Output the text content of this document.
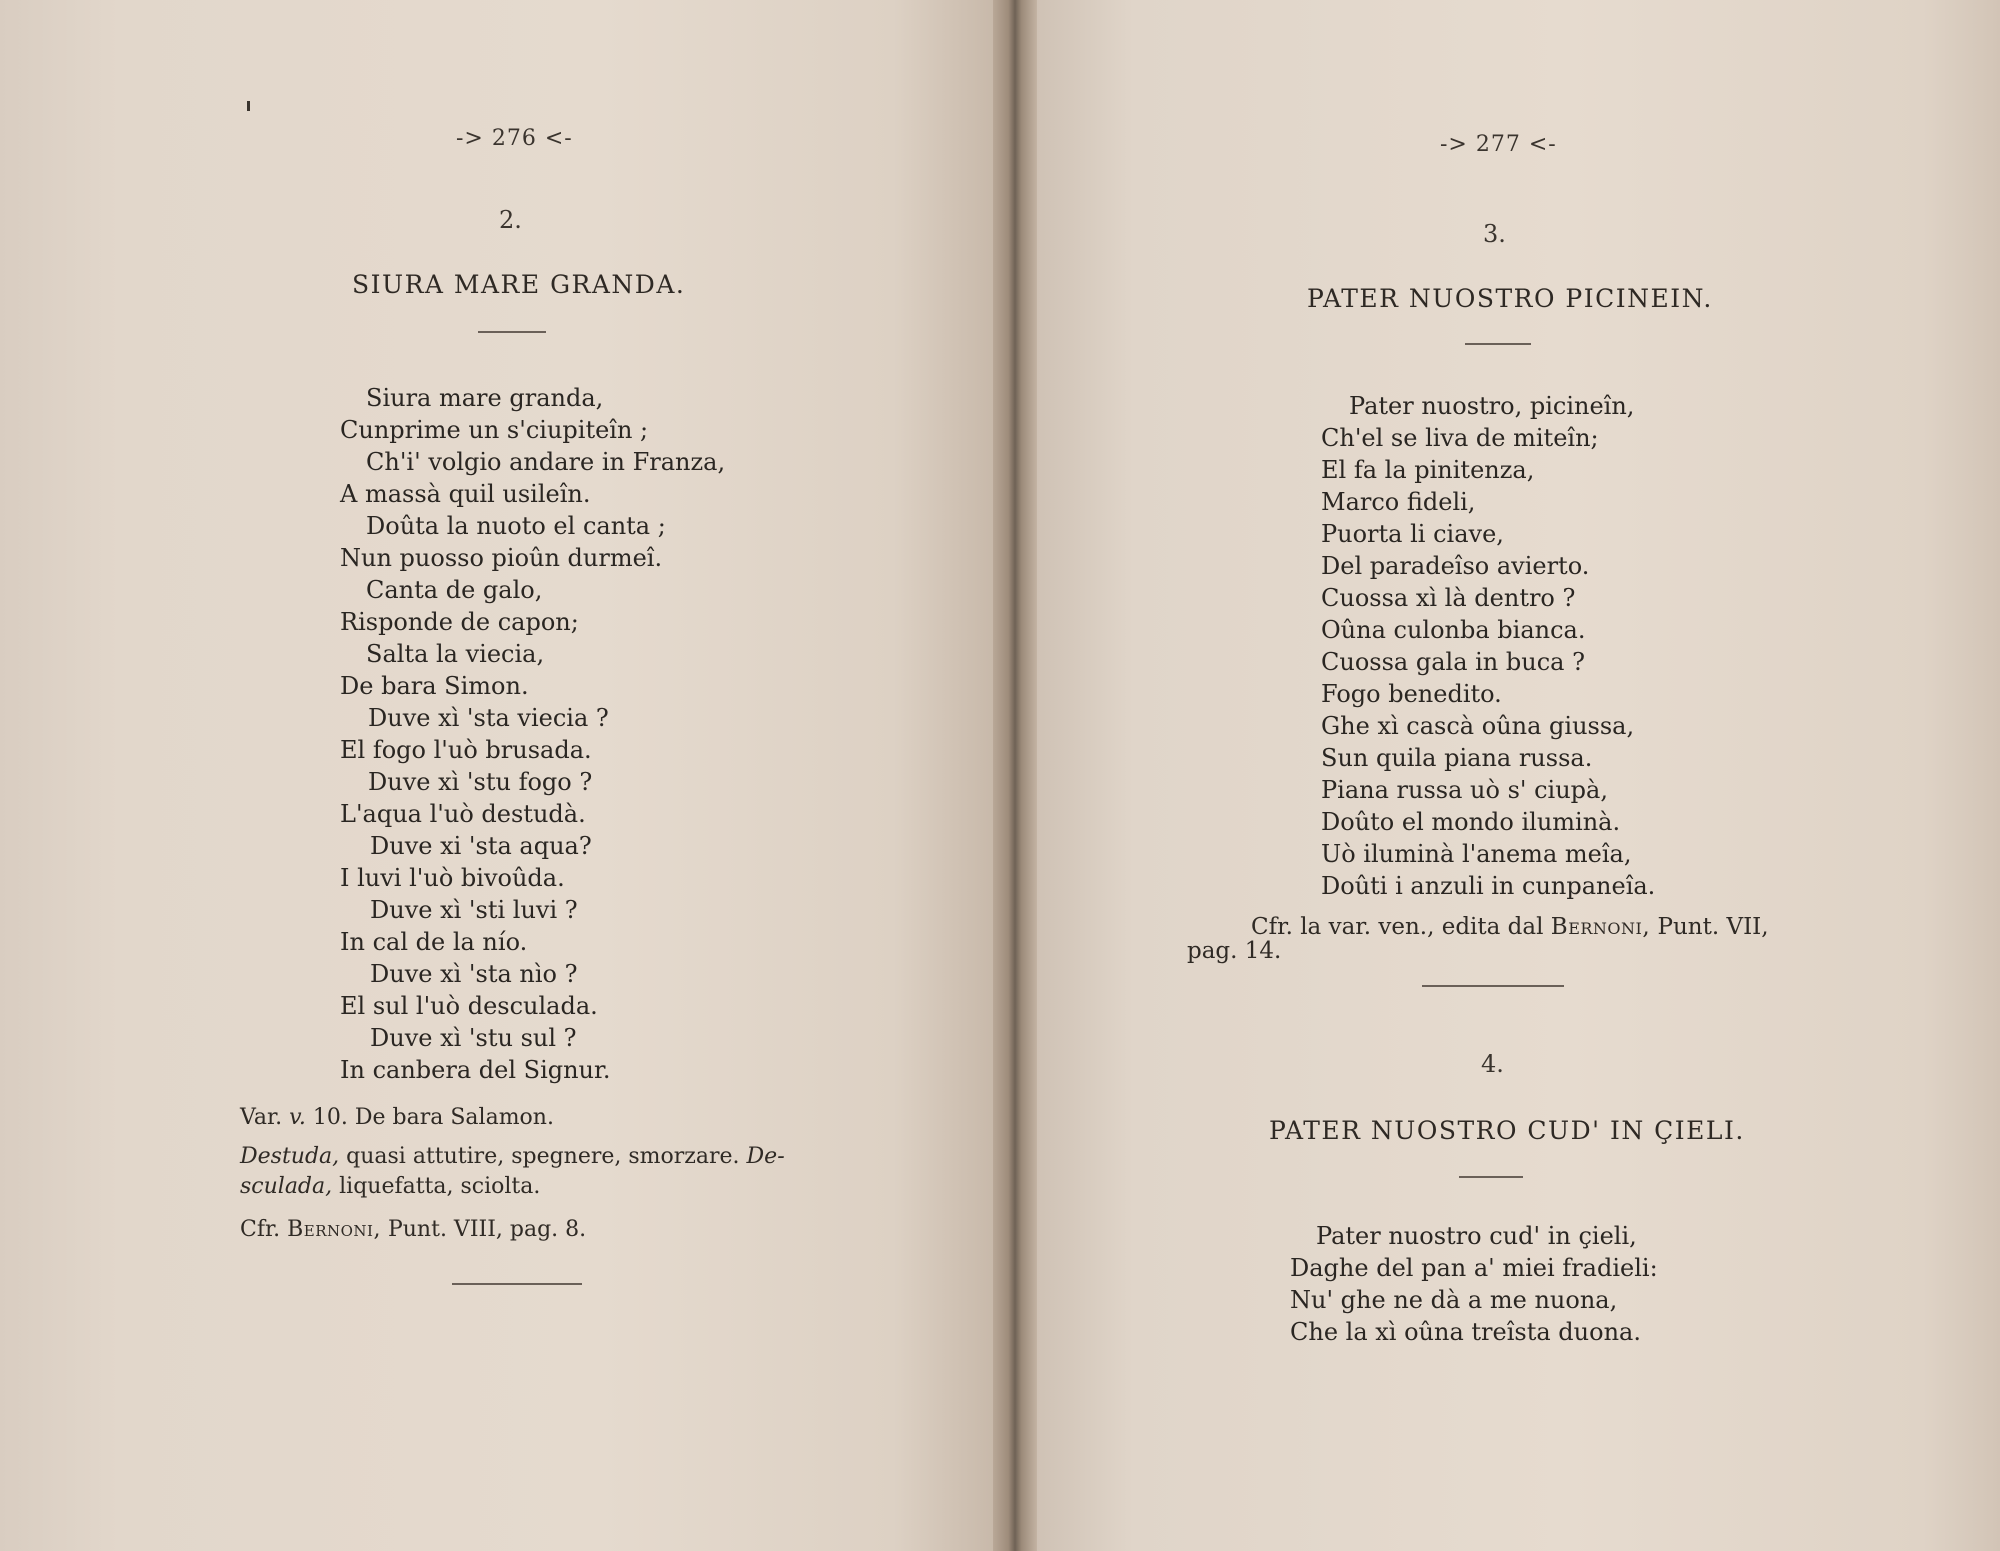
-> 276 <-
2.
SIURA MARE GRANDA.
Siura mare granda,
Cunprime un s'ciupiteîn ;
Ch'i' volgio andare in Franza,
A massà quil usileîn.
Doûta la nuoto el canta ;
Nun puosso pioûn durmeî.
Canta de galo,
Risponde de capon;
Salta la viecia,
De bara Simon.
Duve xì 'sta viecia ?
El fogo l'uò brusada.
Duve xì 'stu fogo ?
L'aqua l'uò destudà.
Duve xi 'sta aqua?
I luvi l'uò bivoûda.
Duve xì 'sti luvi ?
In cal de la nío.
Duve xì 'sta nìo ?
El sul l'uò desculada.
Duve xì 'stu sul ?
In canbera del Signur.
Var. v. 10. De bara Salamon.
Destuda, quasi attutire, spegnere, smorzare. De-
sculada, liquefatta, sciolta.
Cfr. Bernoni, Punt. VIII, pag. 8.
-> 277 <-
3.
PATER NUOSTRO PICINEIN.
Pater nuostro, picineîn,
Ch'el se liva de miteîn;
El fa la pinitenza,
Marco fideli,
Puorta li ciave,
Del paradeîso avierto.
Cuossa xì là dentro ?
Oûna culonba bianca.
Cuossa gala in buca ?
Fogo benedito.
Ghe xì cascà oûna giussa,
Sun quila piana russa.
Piana russa uò s' ciupà,
Doûto el mondo iluminà.
Uò iluminà l'anema meîa,
Doûti i anzuli in cunpaneîa.
Cfr. la var. ven., edita dal Bernoni, Punt. VII,
pag. 14.
4.
PATER NUOSTRO CUD' IN ÇIELI.
Pater nuostro cud' in çieli,
Daghe del pan a' miei fradieli:
Nu' ghe ne dà a me nuona,
Che la xì oûna treîsta duona.
